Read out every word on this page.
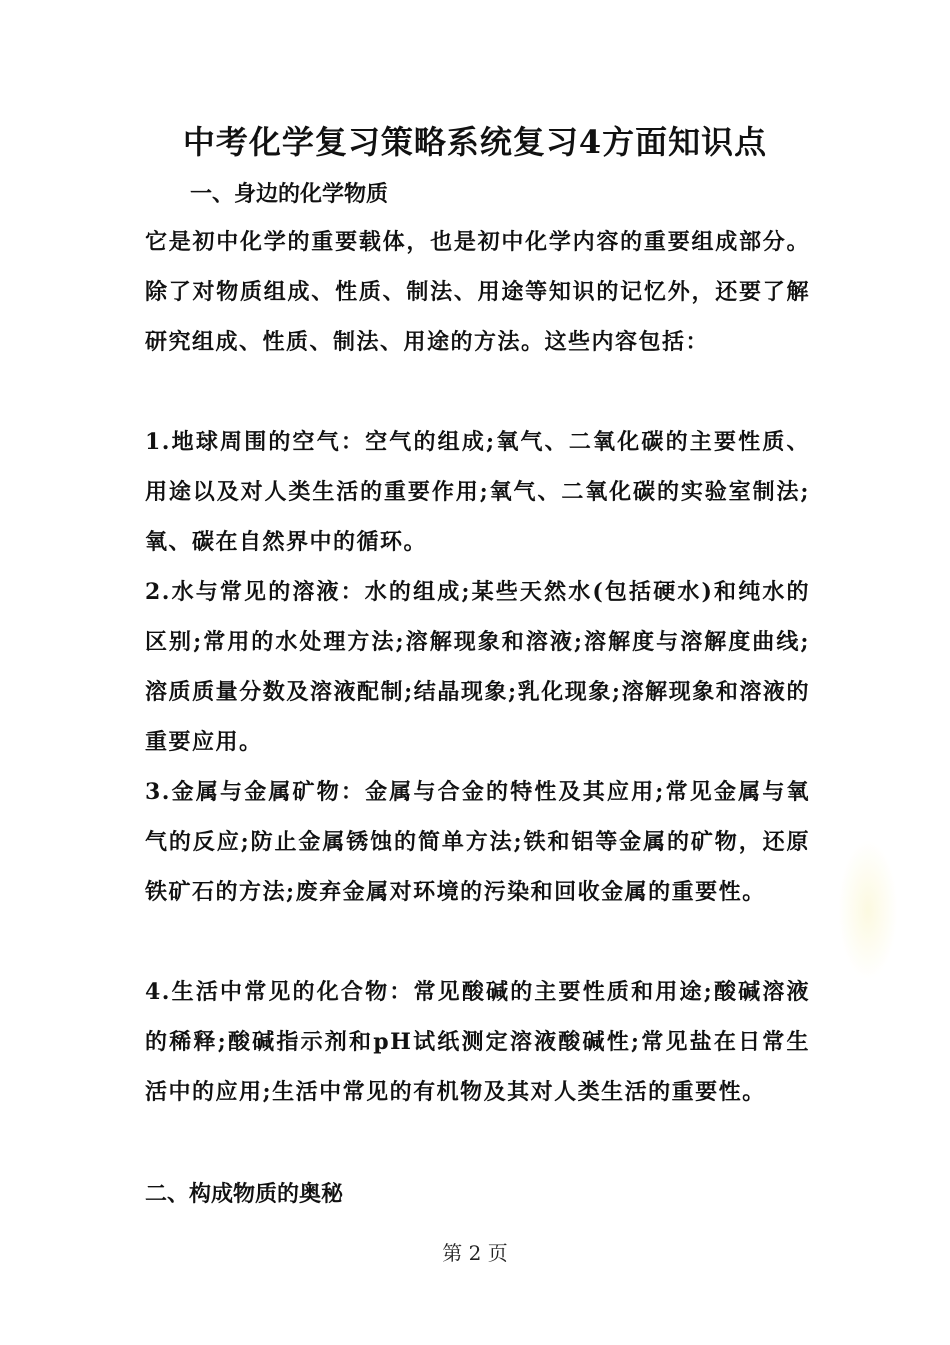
中考化学复习策略系统复习4方面知识点
一、身边的化学物质
它是初中化学的重要载体，也是初中化学内容的重要组成部分。除了对物质组成、性质、制法、用途等知识的记忆外，还要了解研究组成、性质、制法、用途的方法。这些内容包括：
1.地球周围的空气：空气的组成;氧气、二氧化碳的主要性质、用途以及对人类生活的重要作用;氧气、二氧化碳的实验室制法;氧、碳在自然界中的循环。
2.水与常见的溶液：水的组成;某些天然水(包括硬水)和纯水的区别;常用的水处理方法;溶解现象和溶液;溶解度与溶解度曲线;溶质质量分数及溶液配制;结晶现象;乳化现象;溶解现象和溶液的重要应用。
3.金属与金属矿物：金属与合金的特性及其应用;常见金属与氧气的反应;防止金属锈蚀的简单方法;铁和铝等金属的矿物，还原铁矿石的方法;废弃金属对环境的污染和回收金属的重要性。
4.生活中常见的化合物：常见酸碱的主要性质和用途;酸碱溶液的稀释;酸碱指示剂和pH试纸测定溶液酸碱性;常见盐在日常生活中的应用;生活中常见的有机物及其对人类生活的重要性。
二、构成物质的奥秘
第 2 页
